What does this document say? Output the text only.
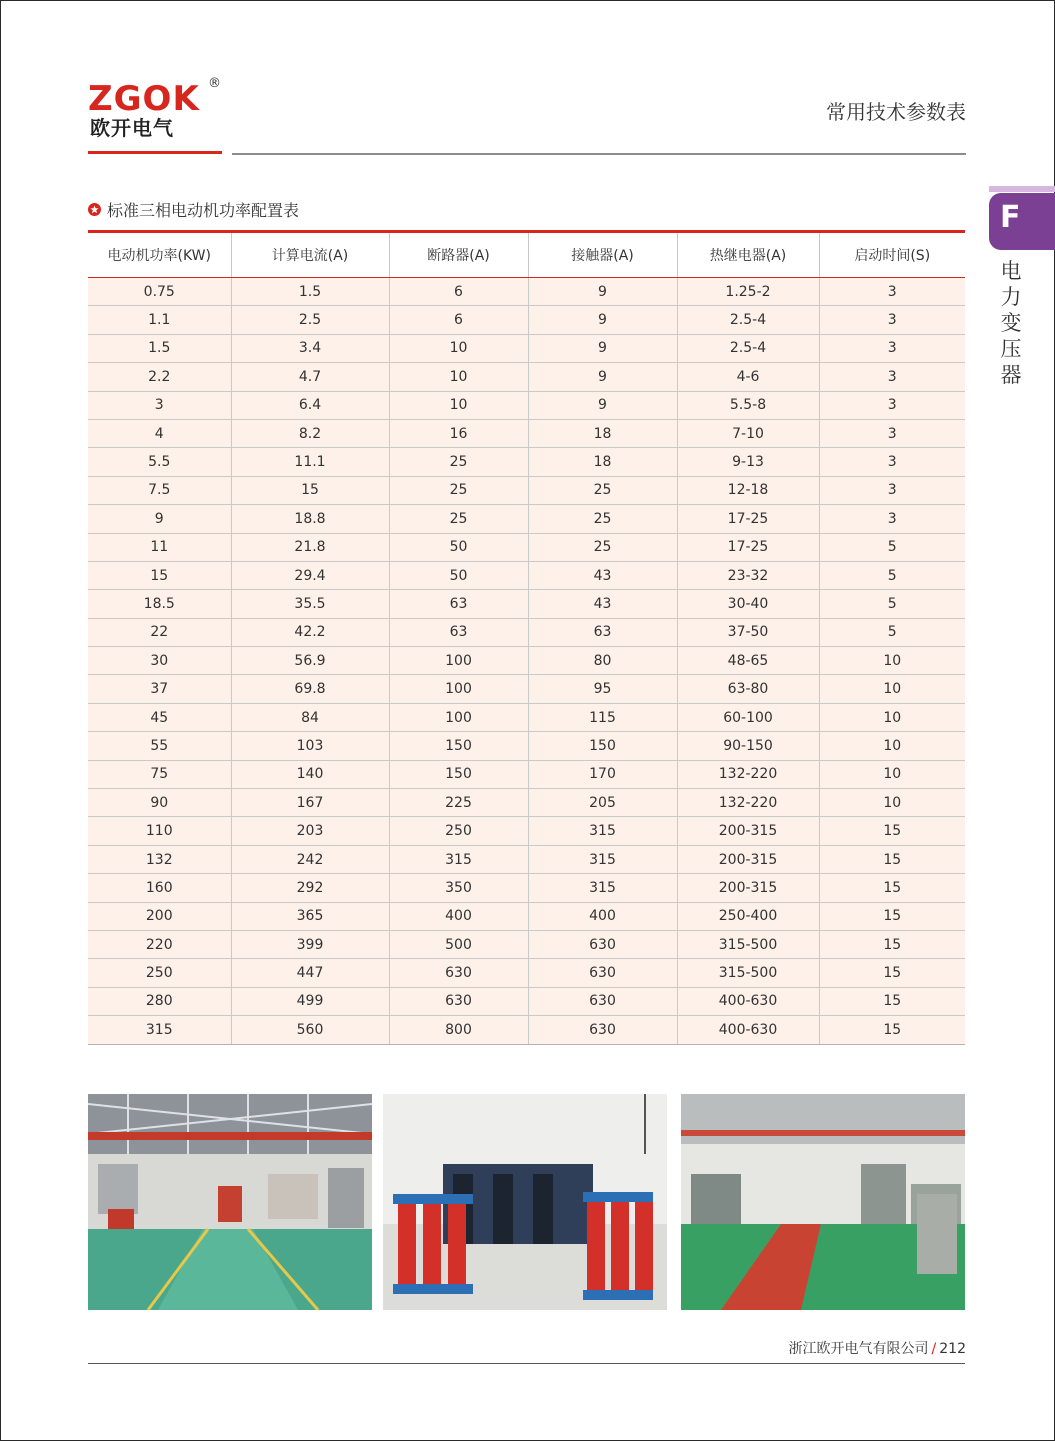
ZGOK ®
欧开电气
常用技术参数表
F
电力变压器
标准三相电动机功率配置表
电动机功率(KW)	计算电流(A)	断路器(A)	接触器(A)	热继电器(A)	启动时间(S)
0.75	1.5	6	9	1.25-2	3
1.1	2.5	6	9	2.5-4	3
1.5	3.4	10	9	2.5-4	3
2.2	4.7	10	9	4-6	3
3	6.4	10	9	5.5-8	3
4	8.2	16	18	7-10	3
5.5	11.1	25	18	9-13	3
7.5	15	25	25	12-18	3
9	18.8	25	25	17-25	3
11	21.8	50	25	17-25	5
15	29.4	50	43	23-32	5
18.5	35.5	63	43	30-40	5
22	42.2	63	63	37-50	5
30	56.9	100	80	48-65	10
37	69.8	100	95	63-80	10
45	84	100	115	60-100	10
55	103	150	150	90-150	10
75	140	150	170	132-220	10
90	167	225	205	132-220	10
110	203	250	315	200-315	15
132	242	315	315	200-315	15
160	292	350	315	200-315	15
200	365	400	400	250-400	15
220	399	500	630	315-500	15
250	447	630	630	315-500	15
280	499	630	630	400-630	15
315	560	800	630	400-630	15
浙江欧开电气有限公司 / 212
